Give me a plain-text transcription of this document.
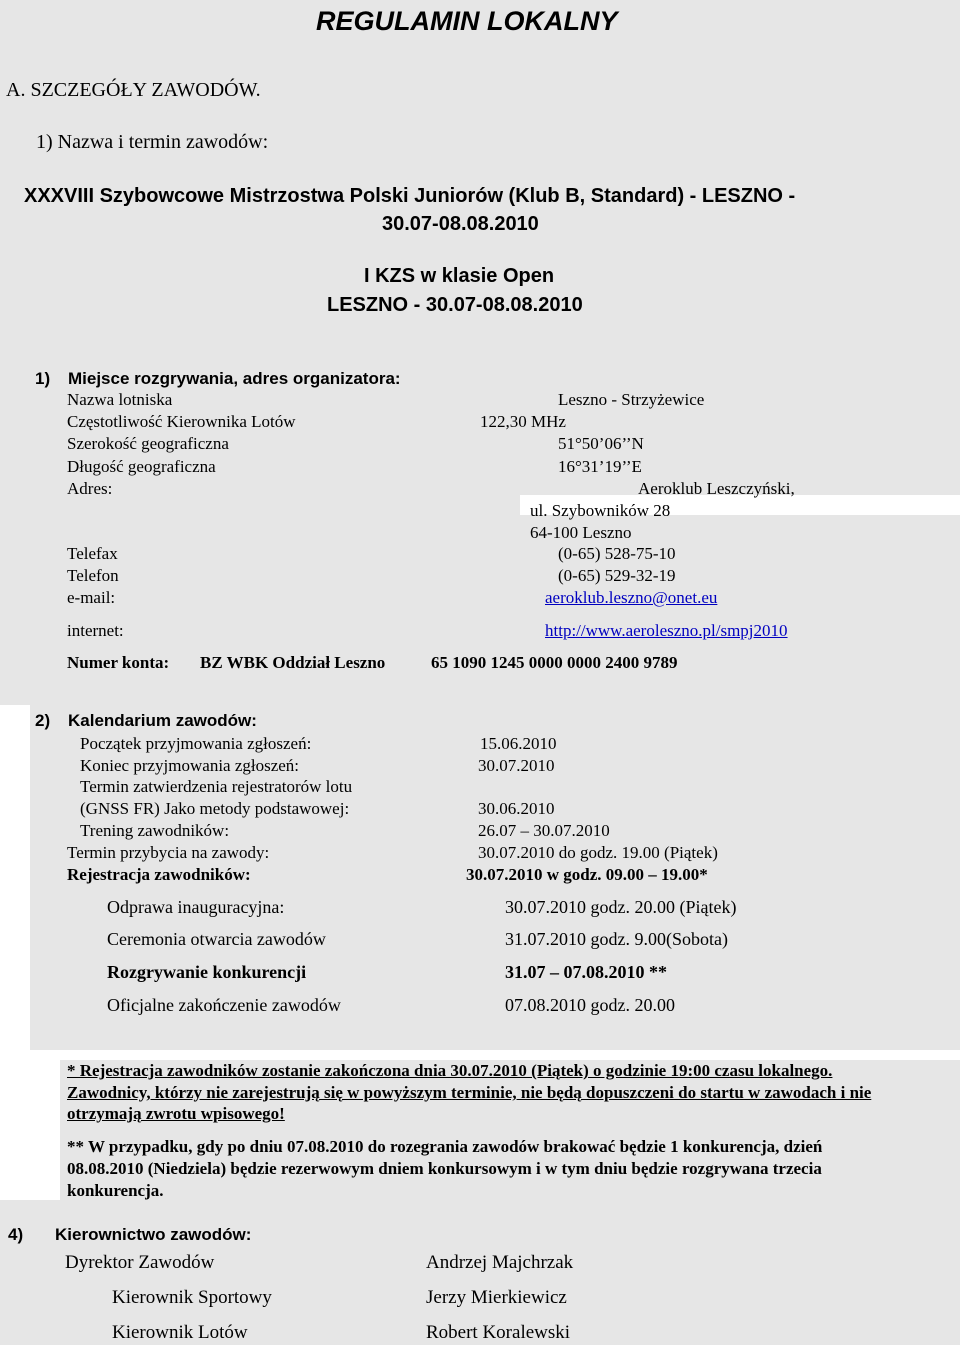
REGULAMIN LOKALNY
A. SZCZEGÓŁY ZAWODÓW.
1) Nazwa i termin zawodów:
XXXVIII Szybowcowe Mistrzostwa Polski Juniorów (Klub B, Standard) - LESZNO -
30.07-08.08.2010
I KZS w klasie Open
LESZNO - 30.07-08.08.2010
1) Miejsce rozgrywania, adres organizatora:
Nazwa lotniska	Leszno - Strzyżewice
Częstotliwość Kierownika Lotów	122,30 MHz
Szerokość geograficzna	51°50’06’’N
Długość geograficzna	16°31’19’’E
Adres:	Aeroklub Leszczyński,
ul. Szybowników 28
64-100 Leszno
Telefax	(0-65) 528-75-10
Telefon	(0-65) 529-32-19
e-mail:	aeroklub.leszno@onet.eu
internet:	http://www.aeroleszno.pl/smpj2010
Numer konta: BZ WBK Oddział Leszno	65 1090 1245 0000 0000 2400 9789
2) Kalendarium zawodów:
Początek przyjmowania zgłoszeń:	15.06.2010
Koniec przyjmowania zgłoszeń:	30.07.2010
Termin zatwierdzenia rejestratorów lotu
(GNSS FR) Jako metody podstawowej:	30.06.2010
Trening zawodników:	26.07 – 30.07.2010
Termin przybycia na zawody:	30.07.2010 do godz. 19.00 (Piątek)
Rejestracja zawodników:	30.07.2010 w godz. 09.00 – 19.00*
Odprawa inauguracyjna:	30.07.2010 godz. 20.00 (Piątek)
Ceremonia otwarcia zawodów	31.07.2010 godz. 9.00(Sobota)
Rozgrywanie konkurencji	31.07 – 07.08.2010 **
Oficjalne zakończenie zawodów	07.08.2010 godz. 20.00
* Rejestracja zawodników zostanie zakończona dnia 30.07.2010 (Piątek) o godzinie 19:00 czasu lokalnego.
Zawodnicy, którzy nie zarejestrują się w powyższym terminie, nie będą dopuszczeni do startu w zawodach i nie
otrzymają zwrotu wpisowego!
** W przypadku, gdy po dniu 07.08.2010 do rozegrania zawodów brakować będzie 1 konkurencja, dzień
08.08.2010 (Niedziela) będzie rezerwowym dniem konkursowym i w tym dniu będzie rozgrywana trzecia
konkurencja.
4) Kierownictwo zawodów:
Dyrektor Zawodów	Andrzej Majchrzak
Kierownik Sportowy	Jerzy Mierkiewicz
Kierownik Lotów	Robert Koralewski
